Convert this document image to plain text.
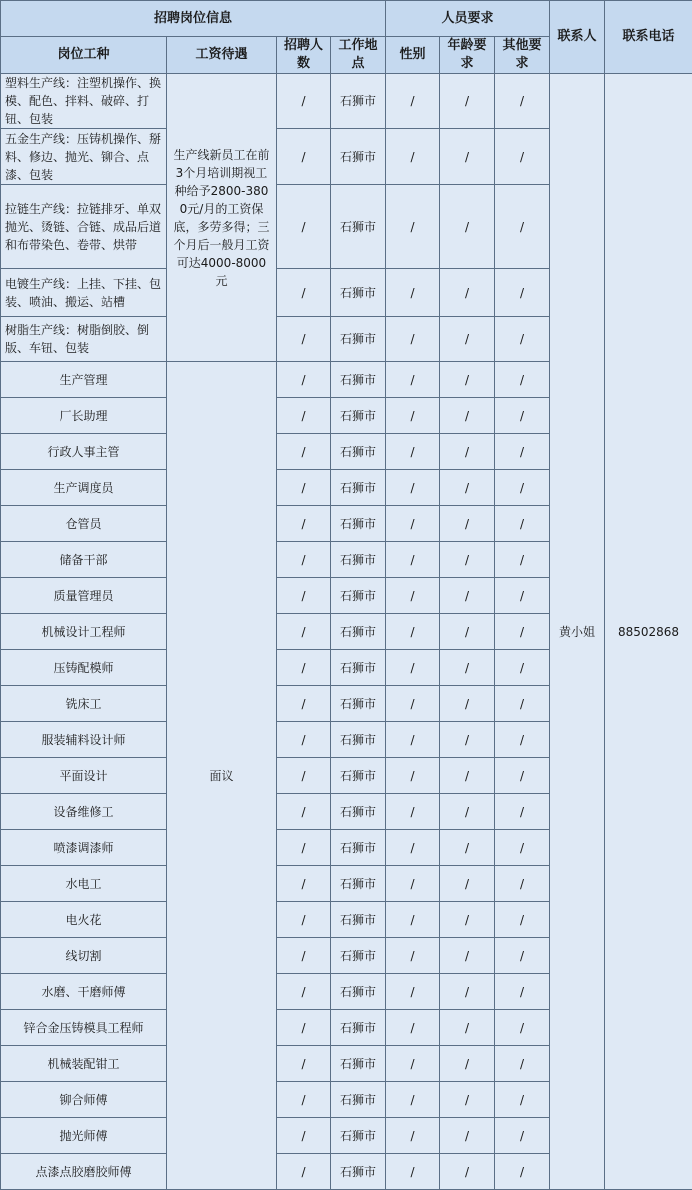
招聘岗位信息				人员要求			联系人	联系电话
岗位工种	工资待遇	招聘人数	工作地点	性别	年龄要求	其他要求		
塑料生产线：注塑机操作、换模、配色、拌料、破碎、打钮、包装	生产线新员工在前3个月培训期视工种给予2800-3800元/月的工资保底，多劳多得；三个月后一般月工资可达4000-8000元	/	石狮市	/	/	/	黄小姐	88502868
五金生产线：压铸机操作、掰料、修边、抛光、铆合、点漆、包装		/	石狮市	/	/	/		
拉链生产线：拉链排牙、单双抛光、烫链、合链、成品后道和布带染色、卷带、烘带		/	石狮市	/	/	/		
电镀生产线：上挂、下挂、包装、喷油、搬运、站槽		/	石狮市	/	/	/		
树脂生产线：树脂倒胶、倒版、车钮、包装		/	石狮市	/	/	/		
生产管理	面议	/	石狮市	/	/	/		
厂长助理		/	石狮市	/	/	/		
行政人事主管		/	石狮市	/	/	/		
生产调度员		/	石狮市	/	/	/		
仓管员		/	石狮市	/	/	/		
储备干部		/	石狮市	/	/	/		
质量管理员		/	石狮市	/	/	/		
机械设计工程师		/	石狮市	/	/	/		
压铸配模师		/	石狮市	/	/	/		
铣床工		/	石狮市	/	/	/		
服装辅料设计师		/	石狮市	/	/	/		
平面设计		/	石狮市	/	/	/		
设备维修工		/	石狮市	/	/	/		
喷漆调漆师		/	石狮市	/	/	/		
水电工		/	石狮市	/	/	/		
电火花		/	石狮市	/	/	/		
线切割		/	石狮市	/	/	/		
水磨、干磨师傅		/	石狮市	/	/	/		
锌合金压铸模具工程师		/	石狮市	/	/	/		
机械装配钳工		/	石狮市	/	/	/		
铆合师傅		/	石狮市	/	/	/		
抛光师傅		/	石狮市	/	/	/		
点漆点胶磨胶师傅		/	石狮市	/	/	/		
